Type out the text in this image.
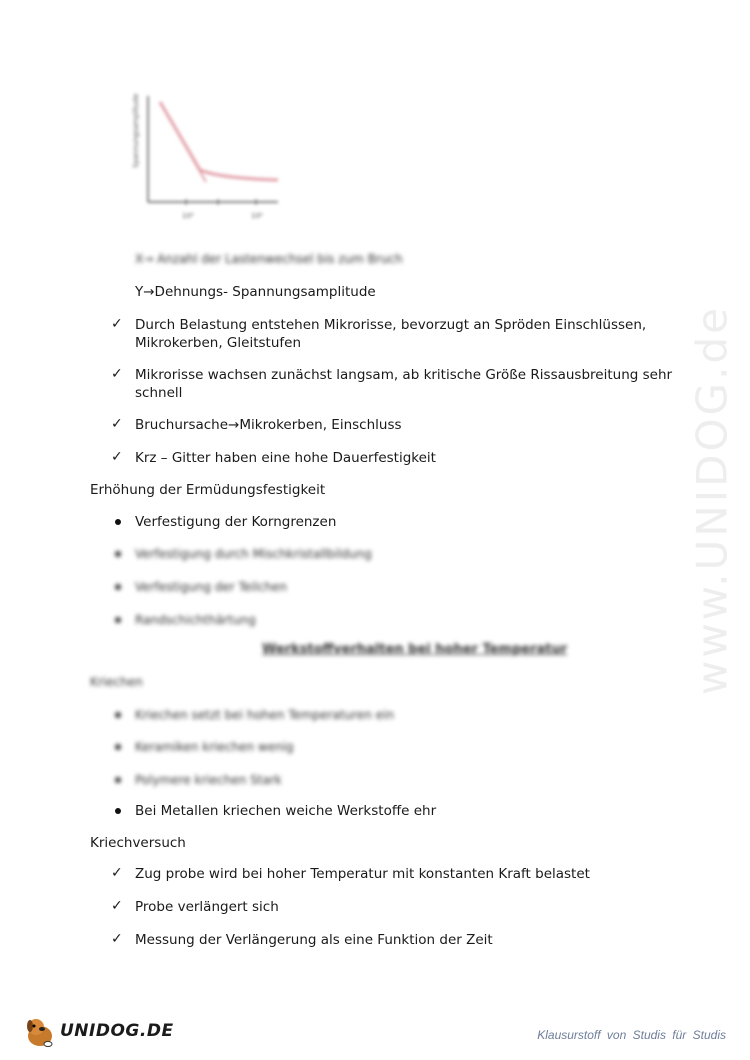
10⁴	10⁶
Spannungsamplitude
X→ Anzahl der Lastenwechsel bis zum Bruch
Y→Dehnungs- Spannungsamplitude
✓ Durch Belastung entstehen Mikrorisse, bevorzugt an Spröden Einschlüssen,
Mikrokerben, Gleitstufen
✓ Mikrorisse wachsen zunächst langsam, ab kritische Größe Rissausbreitung sehr
schnell
✓ Bruchursache→Mikrokerben, Einschluss
✓ Krz – Gitter haben eine hohe Dauerfestigkeit
Erhöhung der Ermüdungsfestigkeit
Verfestigung der Korngrenzen
Verfestigung durch Mischkristallbildung
Verfestigung der Teilchen
Randschichthärtung
Werkstoffverhalten bei hoher Temperatur
Kriechen
Kriechen setzt bei hohen Temperaturen ein
Keramiken kriechen wenig
Polymere kriechen Stark
Bei Metallen kriechen weiche Werkstoffe ehr
Kriechversuch
✓ Zug probe wird bei hoher Temperatur mit konstanten Kraft belastet
✓ Probe verlängert sich
✓ Messung der Verlängerung als eine Funktion der Zeit
www.UNIDOG.de
UNIDOG.DE	Klausurstoff von Studis für Studis
